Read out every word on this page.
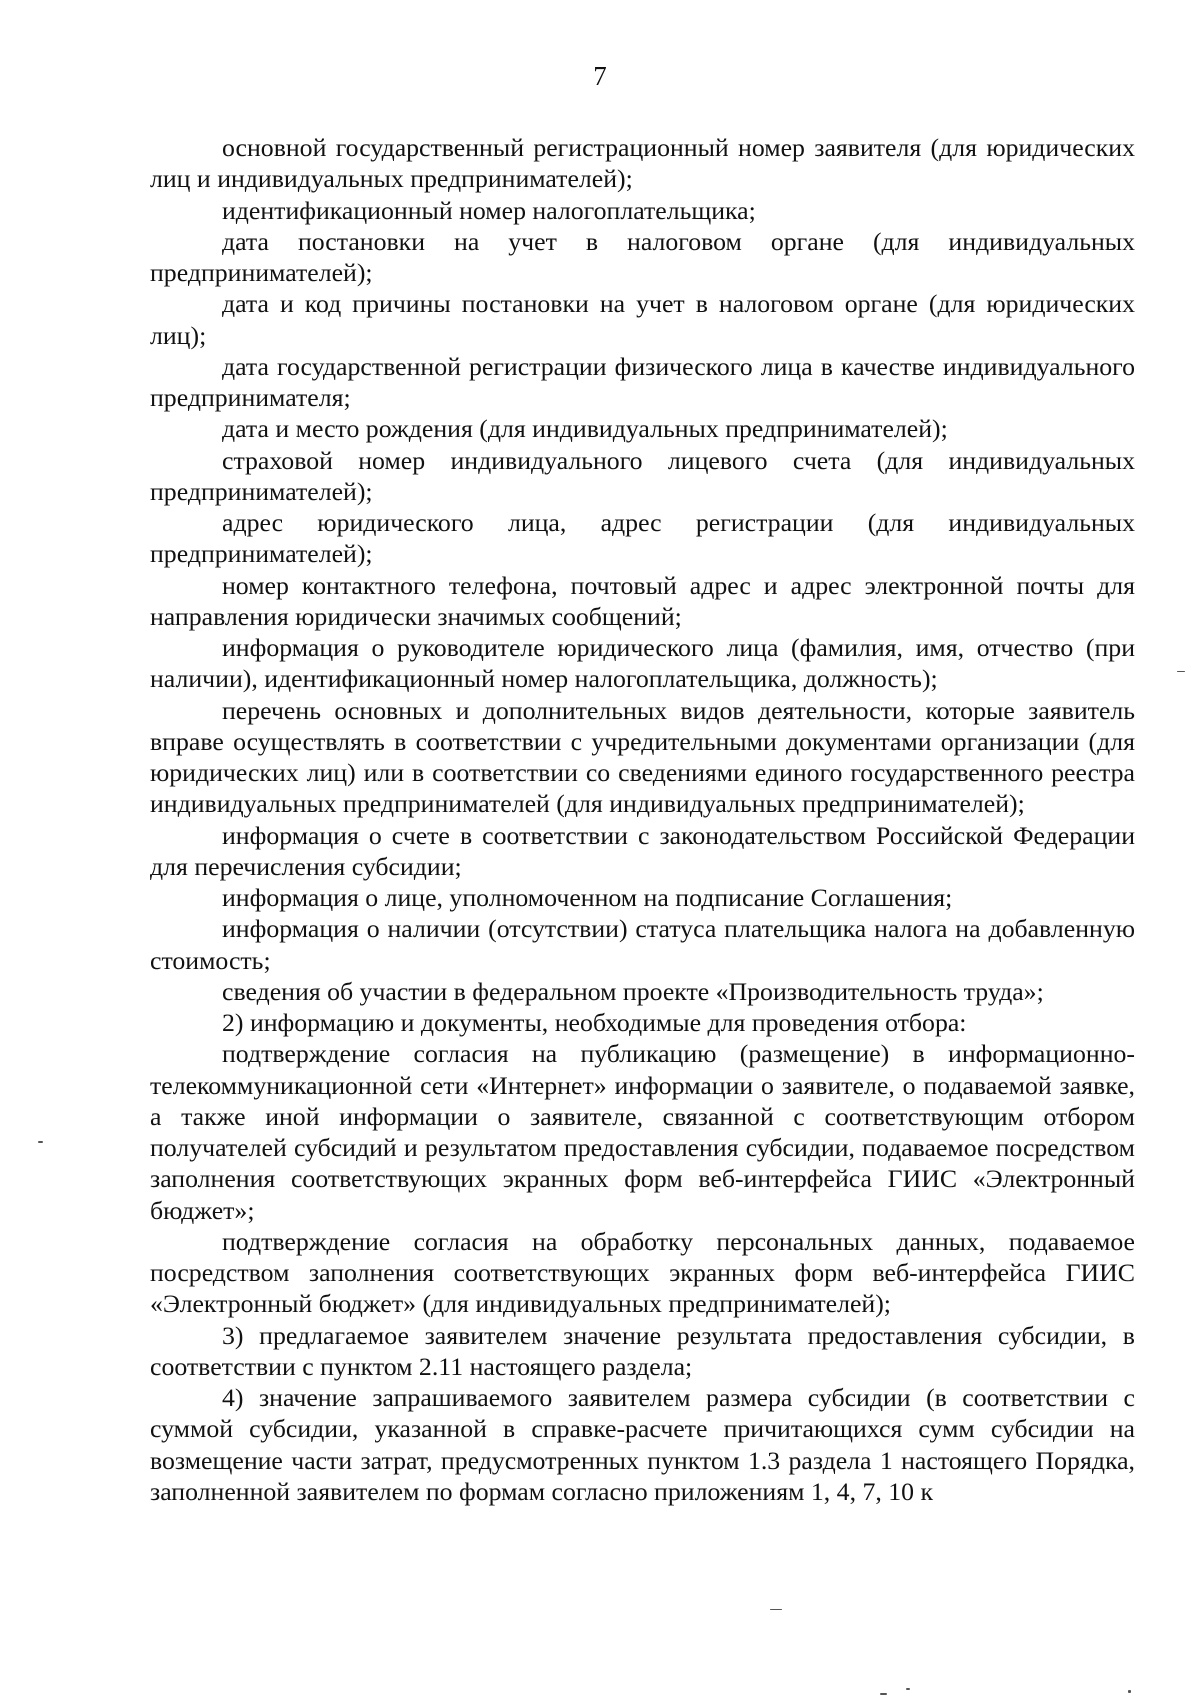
7

основной государственный регистрационный номер заявителя (для юридических лиц и индивидуальных предпринимателей);

идентификационный номер налогоплательщика;

дата постановки на учет в налоговом органе (для индивидуальных предпринимателей);

дата и код причины постановки на учет в налоговом органе (для юридических лиц);

дата государственной регистрации физического лица в качестве индивидуального предпринимателя;

дата и место рождения (для индивидуальных предпринимателей);

страховой номер индивидуального лицевого счета (для индивидуальных предпринимателей);

адрес юридического лица, адрес регистрации (для индивидуальных предпринимателей);

номер контактного телефона, почтовый адрес и адрес электронной почты для направления юридически значимых сообщений;

информация о руководителе юридического лица (фамилия, имя, отчество (при наличии), идентификационный номер налогоплательщика, должность);

перечень основных и дополнительных видов деятельности, которые заявитель вправе осуществлять в соответствии с учредительными документами организации (для юридических лиц) или в соответствии со сведениями единого государственного реестра индивидуальных предпринимателей (для индивидуальных предпринимателей);

информация о счете в соответствии с законодательством Российской Федерации для перечисления субсидии;

информация о лице, уполномоченном на подписание Соглашения;

информация о наличии (отсутствии) статуса плательщика налога на добавленную стоимость;

сведения об участии в федеральном проекте «Производительность труда»;

2) информацию и документы, необходимые для проведения отбора:

подтверждение согласия на публикацию (размещение) в информационно-телекоммуникационной сети «Интернет» информации о заявителе, о подаваемой заявке, а также иной информации о заявителе, связанной с соответствующим отбором получателей субсидий и результатом предоставления субсидии, подаваемое посредством заполнения соответствующих экранных форм веб-интерфейса ГИИС «Электронный бюджет»;

подтверждение согласия на обработку персональных данных, подаваемое посредством заполнения соответствующих экранных форм веб-интерфейса ГИИС «Электронный бюджет» (для индивидуальных предпринимателей);

3) предлагаемое заявителем значение результата предоставления субсидии, в соответствии с пунктом 2.11 настоящего раздела;

4) значение запрашиваемого заявителем размера субсидии (в соответствии с суммой субсидии, указанной в справке-расчете причитающихся сумм субсидии на возмещение части затрат, предусмотренных пунктом 1.3 раздела 1 настоящего Порядка, заполненной заявителем по формам согласно приложениям 1, 4, 7, 10 к
